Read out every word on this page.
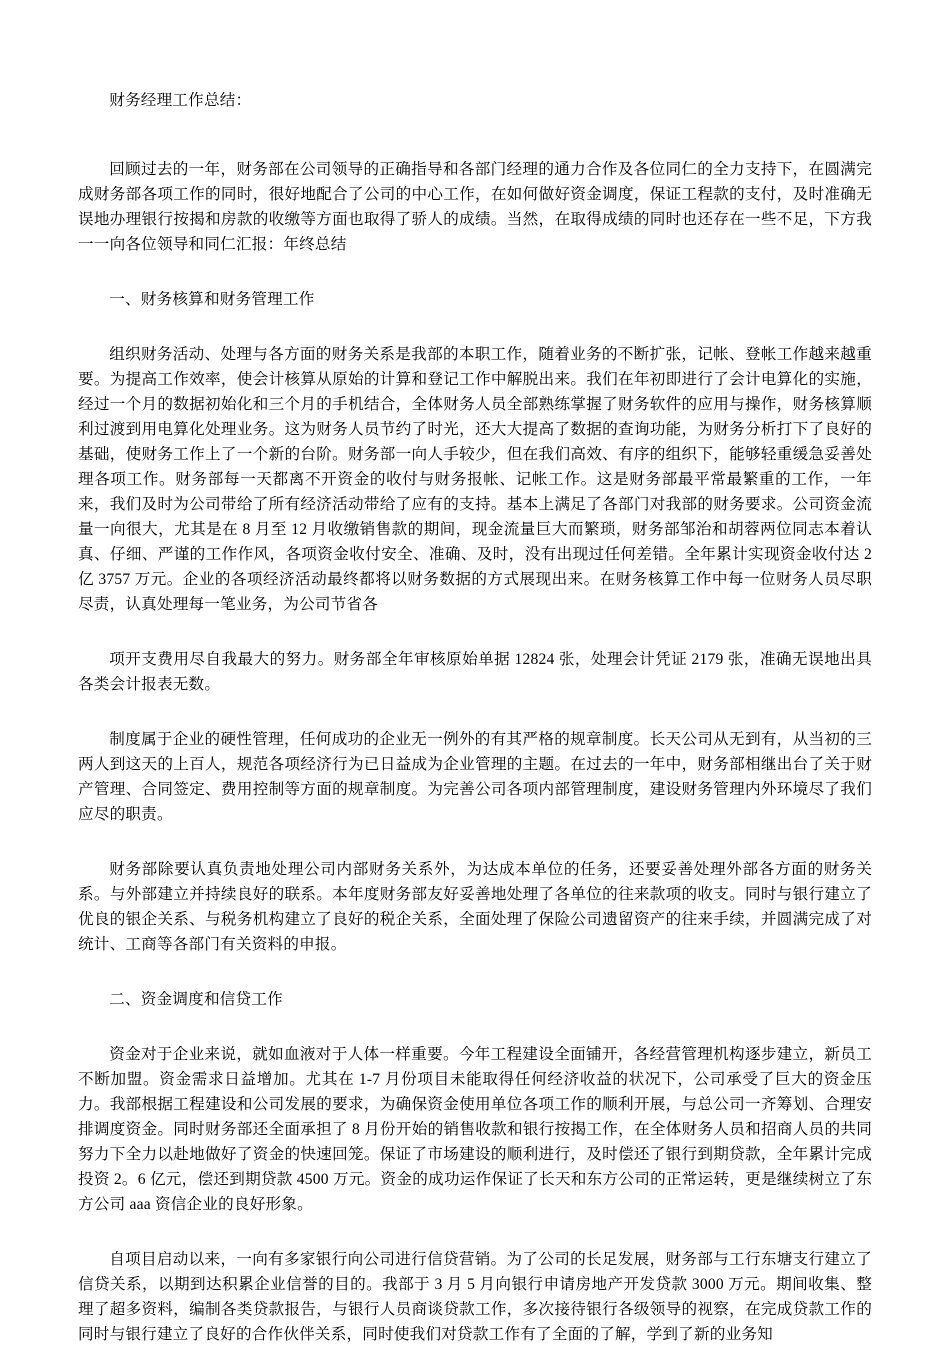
财务经理工作总结：

回顾过去的一年，财务部在公司领导的正确指导和各部门经理的通力合作及各位同仁的全力支持下，在圆满完成财务部各项工作的同时，很好地配合了公司的中心工作，在如何做好资金调度，保证工程款的支付，及时准确无误地办理银行按揭和房款的收缴等方面也取得了骄人的成绩。当然，在取得成绩的同时也还存在一些不足，下方我一一向各位领导和同仁汇报：年终总结

一、财务核算和财务管理工作

组织财务活动、处理与各方面的财务关系是我部的本职工作，随着业务的不断扩张，记帐、登帐工作越来越重要。为提高工作效率，使会计核算从原始的计算和登记工作中解脱出来。我们在年初即进行了会计电算化的实施，经过一个月的数据初始化和三个月的手机结合，全体财务人员全部熟练掌握了财务软件的应用与操作，财务核算顺利过渡到用电算化处理业务。这为财务人员节约了时光，还大大提高了数据的查询功能，为财务分析打下了良好的基础，使财务工作上了一个新的台阶。财务部一向人手较少，但在我们高效、有序的组织下，能够轻重缓急妥善处理各项工作。财务部每一天都离不开资金的收付与财务报帐、记帐工作。这是财务部最平常最繁重的工作，一年来，我们及时为公司带给了所有经济活动带给了应有的支持。基本上满足了各部门对我部的财务要求。公司资金流量一向很大，尤其是在 8 月至 12 月收缴销售款的期间，现金流量巨大而繁琐，财务部邹治和胡蓉两位同志本着认真、仔细、严谨的工作作风，各项资金收付安全、准确、及时，没有出现过任何差错。全年累计实现资金收付达 2 亿 3757 万元。企业的各项经济活动最终都将以财务数据的方式展现出来。在财务核算工作中每一位财务人员尽职尽责，认真处理每一笔业务，为公司节省各

项开支费用尽自我最大的努力。财务部全年审核原始单据 12824 张，处理会计凭证 2179 张，准确无误地出具各类会计报表无数。

制度属于企业的硬性管理，任何成功的企业无一例外的有其严格的规章制度。长天公司从无到有，从当初的三两人到这天的上百人，规范各项经济行为已日益成为企业管理的主题。在过去的一年中，财务部相继出台了关于财产管理、合同签定、费用控制等方面的规章制度。为完善公司各项内部管理制度，建设财务管理内外环境尽了我们应尽的职责。

财务部除要认真负责地处理公司内部财务关系外，为达成本单位的任务，还要妥善处理外部各方面的财务关系。与外部建立并持续良好的联系。本年度财务部友好妥善地处理了各单位的往来款项的收支。同时与银行建立了优良的银企关系、与税务机构建立了良好的税企关系，全面处理了保险公司遗留资产的往来手续，并圆满完成了对统计、工商等各部门有关资料的申报。

二、资金调度和信贷工作

资金对于企业来说，就如血液对于人体一样重要。今年工程建设全面铺开，各经营管理机构逐步建立，新员工不断加盟。资金需求日益增加。尤其在 1-7 月份项目未能取得任何经济收益的状况下，公司承受了巨大的资金压力。我部根据工程建设和公司发展的要求，为确保资金使用单位各项工作的顺利开展，与总公司一齐筹划、合理安排调度资金。同时财务部还全面承担了 8 月份开始的销售收款和银行按揭工作，在全体财务人员和招商人员的共同努力下全力以赴地做好了资金的快速回笼。保证了市场建设的顺利进行，及时偿还了银行到期贷款，全年累计完成投资 2。6 亿元，偿还到期贷款 4500 万元。资金的成功运作保证了长天和东方公司的正常运转，更是继续树立了东方公司 aaa 资信企业的良好形象。

自项目启动以来，一向有多家银行向公司进行信贷营销。为了公司的长足发展，财务部与工行东塘支行建立了信贷关系，以期到达积累企业信誉的目的。我部于 3 月 5 月向银行申请房地产开发贷款 3000 万元。期间收集、整理了超多资料，编制各类贷款报告，与银行人员商谈贷款工作，多次接待银行各级领导的视察，在完成贷款工作的同时与银行建立了良好的合作伙伴关系，同时使我们对贷款工作有了全面的了解，学到了新的业务知
